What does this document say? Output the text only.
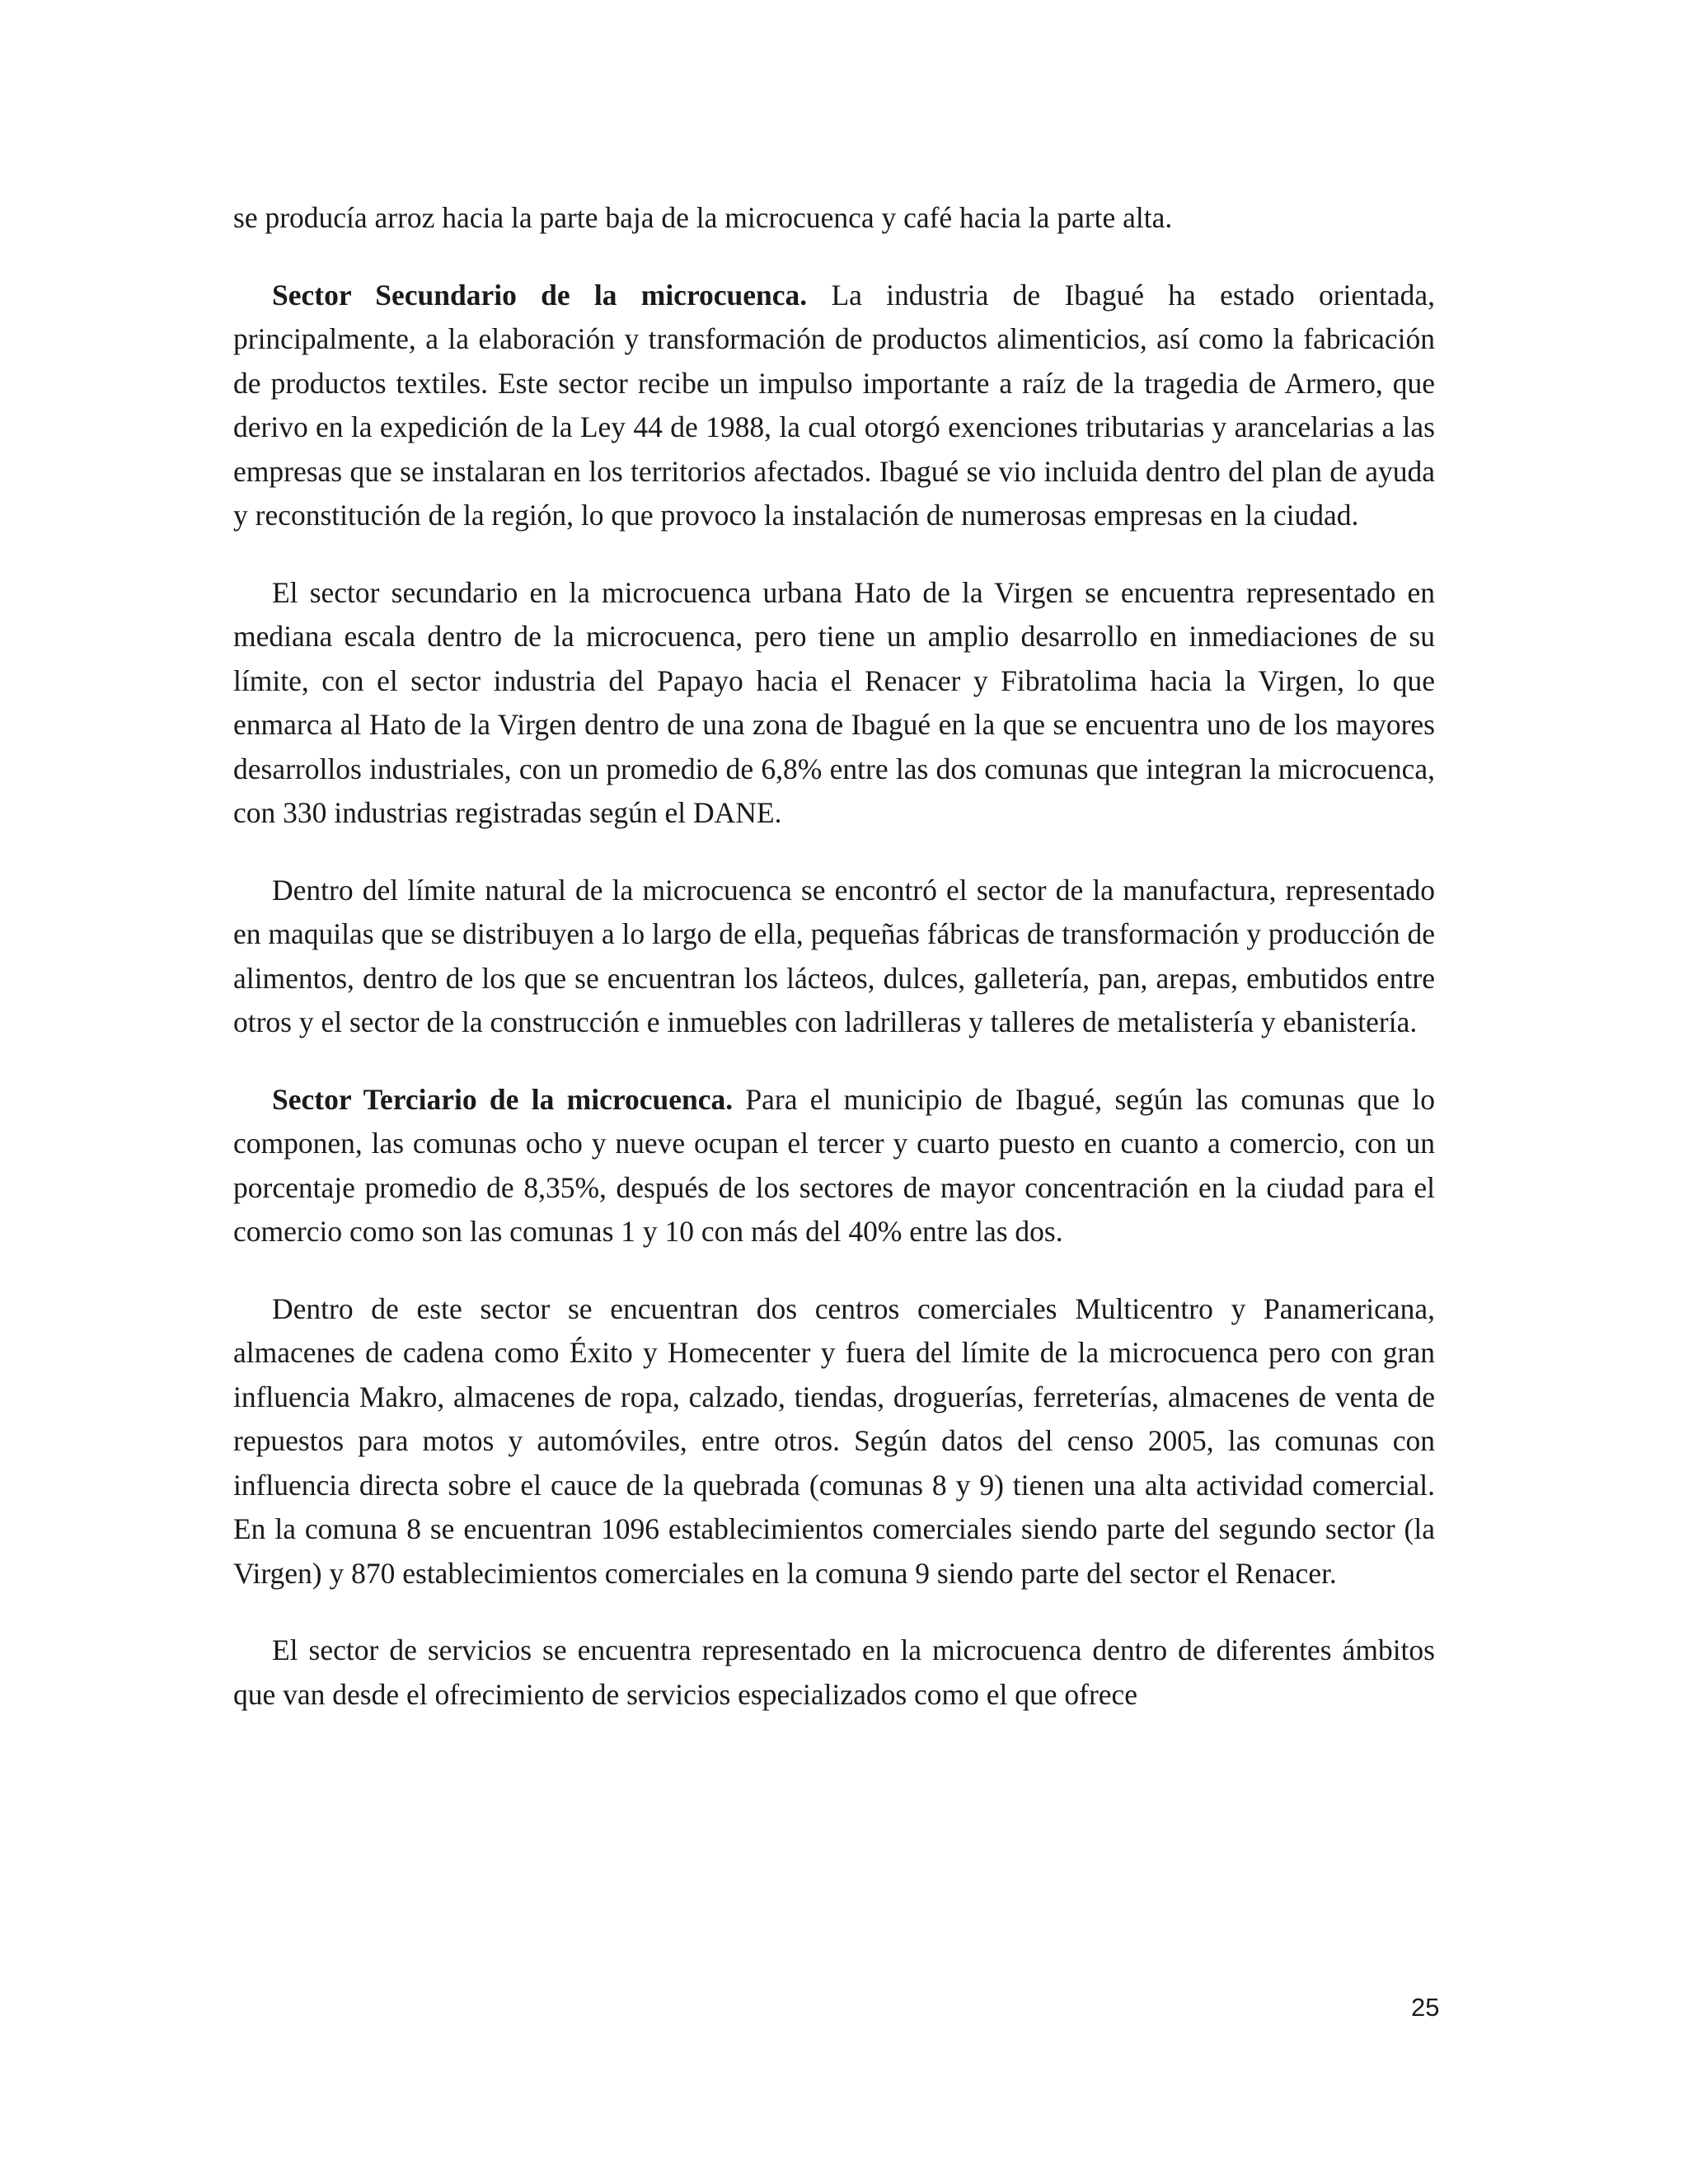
se producía arroz hacia la parte baja de la microcuenca y café hacia la parte alta.

Sector Secundario de la microcuenca. La industria de Ibagué ha estado orientada, principalmente, a la elaboración y transformación de productos alimenticios, así como la fabricación de productos textiles. Este sector recibe un impulso importante a raíz de la tragedia de Armero, que derivo en la expedición de la Ley 44 de 1988, la cual otorgó exenciones tributarias y arancelarias a las empresas que se instalaran en los territorios afectados. Ibagué se vio incluida dentro del plan de ayuda y reconstitución de la región, lo que provoco la instalación de numerosas empresas en la ciudad.

El sector secundario en la microcuenca urbana Hato de la Virgen se encuentra representado en mediana escala dentro de la microcuenca, pero tiene un amplio desarrollo en inmediaciones de su límite, con el sector industria del Papayo hacia el Renacer y Fibratolima hacia la Virgen, lo que enmarca al Hato de la Virgen dentro de una zona de Ibagué en la que se encuentra uno de los mayores desarrollos industriales, con un promedio de 6,8% entre las dos comunas que integran la microcuenca, con 330 industrias registradas según el DANE.

Dentro del límite natural de la microcuenca se encontró el sector de la manufactura, representado en maquilas que se distribuyen a lo largo de ella, pequeñas fábricas de transformación y producción de alimentos, dentro de los que se encuentran los lácteos, dulces, galletería, pan, arepas, embutidos entre otros y el sector de la construcción e inmuebles con ladrilleras y talleres de metalistería y ebanistería.

Sector Terciario de la microcuenca. Para el municipio de Ibagué, según las comunas que lo componen, las comunas ocho y nueve ocupan el tercer y cuarto puesto en cuanto a comercio, con un porcentaje promedio de 8,35%, después de los sectores de mayor concentración en la ciudad para el comercio como son las comunas 1 y 10 con más del 40% entre las dos.

Dentro de este sector se encuentran dos centros comerciales Multicentro y Panamericana, almacenes de cadena como Éxito y Homecenter y fuera del límite de la microcuenca pero con gran influencia Makro, almacenes de ropa, calzado, tiendas, droguerías, ferreterías, almacenes de venta de repuestos para motos y automóviles, entre otros. Según datos del censo 2005, las comunas con influencia directa sobre el cauce de la quebrada (comunas 8 y 9) tienen una alta actividad comercial. En la comuna 8 se encuentran 1096 establecimientos comerciales siendo parte del segundo sector (la Virgen) y 870 establecimientos comerciales en la comuna 9 siendo parte del sector el Renacer.

El sector de servicios se encuentra representado en la microcuenca dentro de diferentes ámbitos que van desde el ofrecimiento de servicios especializados como el que ofrece

25
